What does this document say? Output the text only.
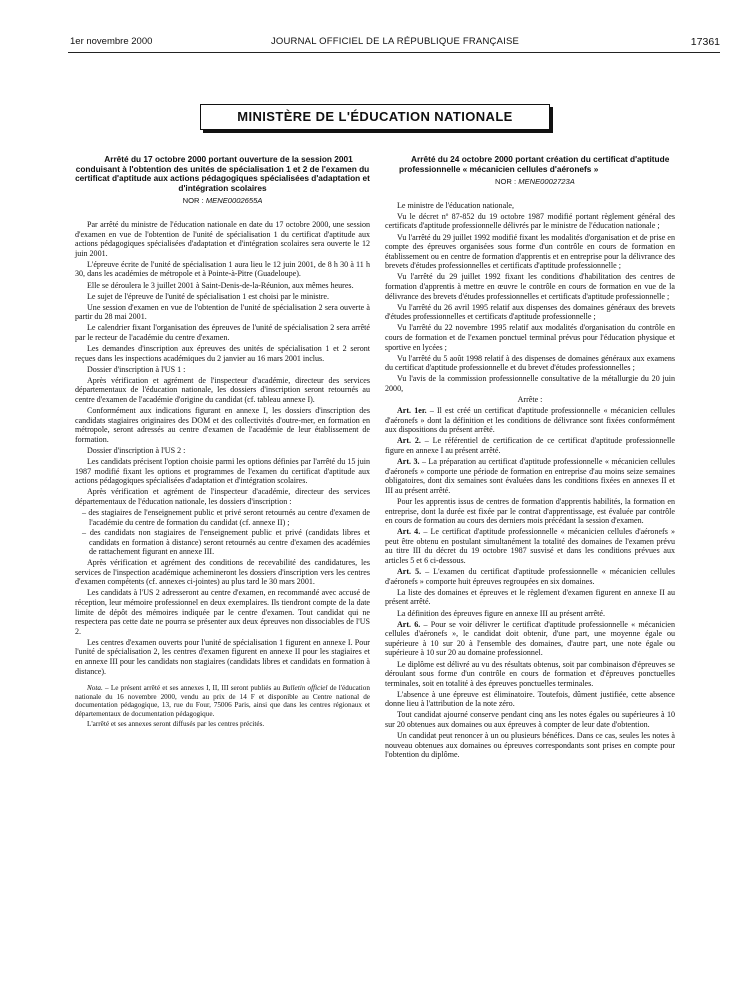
1er novembre 2000	JOURNAL OFFICIEL DE LA RÉPUBLIQUE FRANÇAISE	17361
MINISTÈRE DE L'ÉDUCATION NATIONALE

Arrêté du 17 octobre 2000 portant ouverture de la session 2001 conduisant à l'obtention des unités de spécialisation 1 et 2 de l'examen du certificat d'aptitude aux actions pédagogiques spécialisées d'adaptation et d'intégration scolaires

NOR : MENE0002655A

Par arrêté du ministre de l'éducation nationale en date du 17 octobre 2000, une session d'examen en vue de l'obtention de l'unité de spécialisation 1 du certificat d'aptitude aux actions pédagogiques spécialisées d'adaptation et d'intégration scolaires sera ouverte le 12 juin 2001.

L'épreuve écrite de l'unité de spécialisation 1 aura lieu le 12 juin 2001, de 8 h 30 à 11 h 30, dans les académies de métropole et à Pointe-à-Pitre (Guadeloupe).

Elle se déroulera le 3 juillet 2001 à Saint-Denis-de-la-Réunion, aux mêmes heures.

Le sujet de l'épreuve de l'unité de spécialisation 1 est choisi par le ministre.

Une session d'examen en vue de l'obtention de l'unité de spécialisation 2 sera ouverte à partir du 28 mai 2001.

Le calendrier fixant l'organisation des épreuves de l'unité de spécialisation 2 sera arrêté par le recteur de l'académie du centre d'examen.

Les demandes d'inscription aux épreuves des unités de spécialisation 1 et 2 seront reçues dans les inspections académiques du 2 janvier au 16 mars 2001 inclus.

Dossier d'inscription à l'US 1 :

Après vérification et agrément de l'inspecteur d'académie, directeur des services départementaux de l'éducation nationale, les dossiers d'inscription seront retournés au centre d'examen de l'académie d'origine du candidat (cf. tableau annexe I).

Conformément aux indications figurant en annexe I, les dossiers d'inscription des candidats stagiaires originaires des DOM et des collectivités d'outre-mer, en formation en métropole, seront adressés au centre d'examen de l'académie de leur établissement de formation.

Dossier d'inscription à l'US 2 :

Les candidats précisent l'option choisie parmi les options définies par l'arrêté du 15 juin 1987 modifié fixant les options et programmes de l'examen du certificat d'aptitude aux actions pédagogiques spécialisées d'adaptation et d'intégration scolaires.

Après vérification et agrément de l'inspecteur d'académie, directeur des services départementaux de l'éducation nationale, les dossiers d'inscription :

– des stagiaires de l'enseignement public et privé seront retournés au centre d'examen de l'académie du centre de formation du candidat (cf. annexe II) ;
– des candidats non stagiaires de l'enseignement public et privé (candidats libres et candidats en formation à distance) seront retournés au centre d'examen des académies de rattachement figurant en annexe III.

Après vérification et agrément des conditions de recevabilité des candidatures, les services de l'inspection académique achemineront les dossiers d'inscription vers les centres d'examen compétents (cf. annexes ci-jointes) au plus tard le 30 mars 2001.

Les candidats à l'US 2 adresseront au centre d'examen, en recommandé avec accusé de réception, leur mémoire professionnel en deux exemplaires. Ils tiendront compte de la date limite de dépôt des mémoires indiquée par le centre d'examen. Tout candidat qui ne respectera pas cette date ne pourra se présenter aux deux épreuves non dissociables de l'US 2.

Les centres d'examen ouverts pour l'unité de spécialisation 1 figurent en annexe I. Pour l'unité de spécialisation 2, les centres d'examen figurent en annexe II pour les stagiaires et en annexe III pour les candidats non stagiaires (candidats libres et candidats en formation à distance).

Nota. – Le présent arrêté et ses annexes I, II, III seront publiés au Bulletin officiel de l'éducation nationale du 16 novembre 2000, vendu au prix de 14 F et disponible au Centre national de documentation pédagogique, 13, rue du Four, 75006 Paris, ainsi que dans les centres régionaux et départementaux de documentation pédagogique.

L'arrêté et ses annexes seront diffusés par les centres précités.

Arrêté du 24 octobre 2000 portant création du certificat d'aptitude professionnelle « mécanicien cellules d'aéronefs »

NOR : MENE0002723A

Le ministre de l'éducation nationale,

Vu le décret nº 87-852 du 19 octobre 1987 modifié portant règlement général des certificats d'aptitude professionnelle délivrés par le ministre de l'éducation nationale ;

Vu l'arrêté du 29 juillet 1992 modifié fixant les modalités d'organisation et de prise en compte des épreuves organisées sous forme d'un contrôle en cours de formation en établissement ou en centre de formation d'apprentis et en entreprise pour la délivrance des brevets d'études professionnelles et certificats d'aptitude professionnelle ;

Vu l'arrêté du 29 juillet 1992 fixant les conditions d'habilitation des centres de formation d'apprentis à mettre en œuvre le contrôle en cours de formation en vue de la délivrance des brevets d'études professionnelles et certificats d'aptitude professionnelle ;

Vu l'arrêté du 26 avril 1995 relatif aux dispenses des domaines généraux des brevets d'études professionnelles et certificats d'aptitude professionnelle ;

Vu l'arrêté du 22 novembre 1995 relatif aux modalités d'organisation du contrôle en cours de formation et de l'examen ponctuel terminal prévus pour l'éducation physique et sportive en lycées ;

Vu l'arrêté du 5 août 1998 relatif à des dispenses de domaines généraux aux examens du certificat d'aptitude professionnelle et du brevet d'études professionnelles ;

Vu l'avis de la commission professionnelle consultative de la métallurgie du 20 juin 2000,

Arrête :

Art. 1er. – Il est créé un certificat d'aptitude professionnelle « mécanicien cellules d'aéronefs » dont la définition et les conditions de délivrance sont fixées conformément aux dispositions du présent arrêté.

Art. 2. – Le référentiel de certification de ce certificat d'aptitude professionnelle figure en annexe I au présent arrêté.

Art. 3. – La préparation au certificat d'aptitude professionnelle « mécanicien cellules d'aéronefs » comporte une période de formation en entreprise d'au moins seize semaines obligatoires, dont dix semaines sont évaluées dans les conditions fixées en annexes II et III au présent arrêté.

Pour les apprentis issus de centres de formation d'apprentis habilités, la formation en entreprise, dont la durée est fixée par le contrat d'apprentissage, est évaluée par contrôle en cours de formation au cours des derniers mois précédant la session d'examen.

Art. 4. – Le certificat d'aptitude professionnelle « mécanicien cellules d'aéronefs » peut être obtenu en postulant simultanément la totalité des domaines de l'examen prévu au titre III du décret du 19 octobre 1987 susvisé et dans les conditions prévues aux articles 5 et 6 ci-dessous.

Art. 5. – L'examen du certificat d'aptitude professionnelle « mécanicien cellules d'aéronefs » comporte huit épreuves regroupées en six domaines.

La liste des domaines et épreuves et le règlement d'examen figurent en annexe II au présent arrêté.

La définition des épreuves figure en annexe III au présent arrêté.

Art. 6. – Pour se voir délivrer le certificat d'aptitude professionnelle « mécanicien cellules d'aéronefs », le candidat doit obtenir, d'une part, une moyenne égale ou supérieure à 10 sur 20 à l'ensemble des domaines, d'autre part, une note égale ou supérieure à 10 sur 20 au domaine professionnel.

Le diplôme est délivré au vu des résultats obtenus, soit par combinaison d'épreuves se déroulant sous forme d'un contrôle en cours de formation et d'épreuves ponctuelles terminales, soit en totalité à des épreuves ponctuelles terminales.

L'absence à une épreuve est éliminatoire. Toutefois, dûment justifiée, cette absence donne lieu à l'attribution de la note zéro.

Tout candidat ajourné conserve pendant cinq ans les notes égales ou supérieures à 10 sur 20 obtenues aux domaines ou aux épreuves à compter de leur date d'obtention.

Un candidat peut renoncer à un ou plusieurs bénéfices. Dans ce cas, seules les notes à nouveau obtenues aux domaines ou épreuves correspondants sont prises en compte pour l'obtention du diplôme.
